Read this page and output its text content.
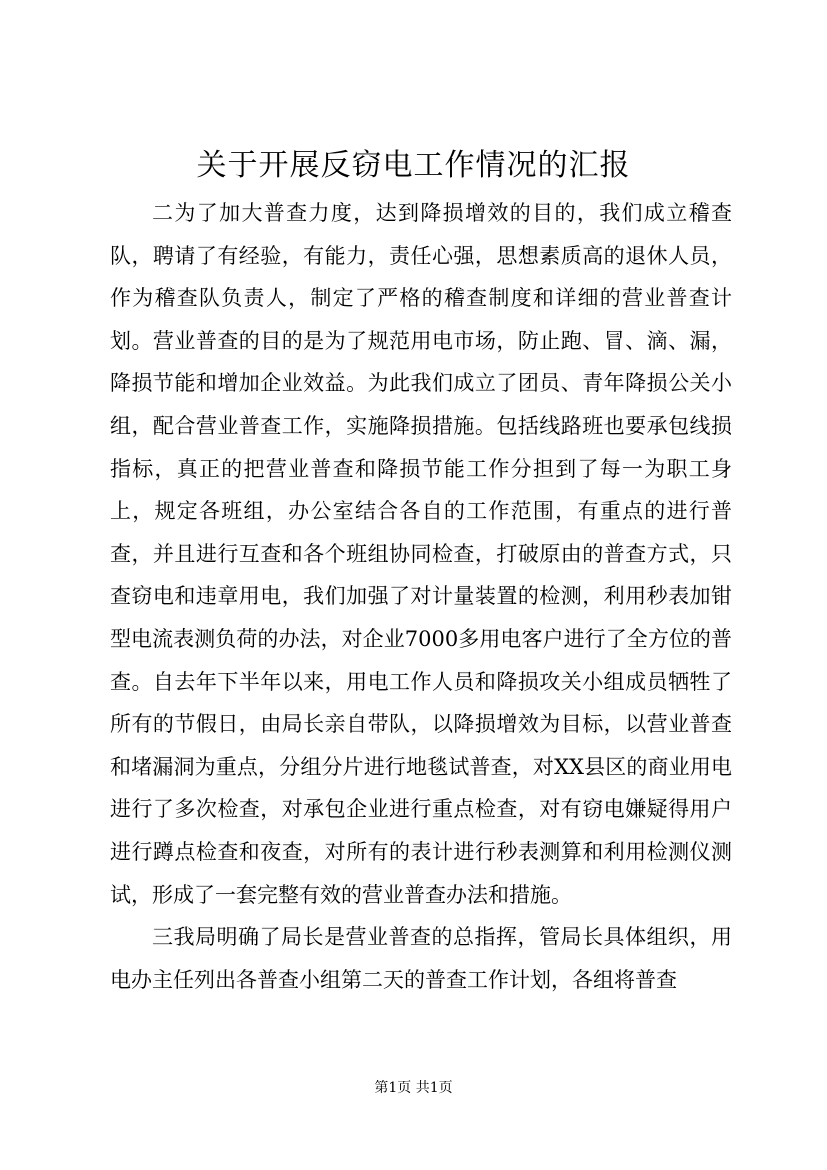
关于开展反窃电工作情况的汇报

二为了加大普查力度，达到降损增效的目的，我们成立稽查队，聘请了有经验，有能力，责任心强，思想素质高的退休人员，作为稽查队负责人，制定了严格的稽查制度和详细的营业普查计划。营业普查的目的是为了规范用电市场，防止跑、冒、滴、漏，降损节能和增加企业效益。为此我们成立了团员、青年降损公关小组，配合营业普查工作，实施降损措施。包括线路班也要承包线损指标，真正的把营业普查和降损节能工作分担到了每一为职工身上，规定各班组，办公室结合各自的工作范围，有重点的进行普查，并且进行互查和各个班组协同检查，打破原由的普查方式，只查窃电和违章用电，我们加强了对计量装置的检测，利用秒表加钳型电流表测负荷的办法，对企业7000多用电客户进行了全方位的普查。自去年下半年以来，用电工作人员和降损攻关小组成员牺牲了所有的节假日，由局长亲自带队，以降损增效为目标，以营业普查和堵漏洞为重点，分组分片进行地毯试普查，对XX县区的商业用电进行了多次检查，对承包企业进行重点检查，对有窃电嫌疑得用户进行蹲点检查和夜查，对所有的表计进行秒表测算和利用检测仪测试，形成了一套完整有效的营业普查办法和措施。

三我局明确了局长是营业普查的总指挥，管局长具体组织，用电办主任列出各普查小组第二天的普查工作计划，各组将普查

第1页 共1页
